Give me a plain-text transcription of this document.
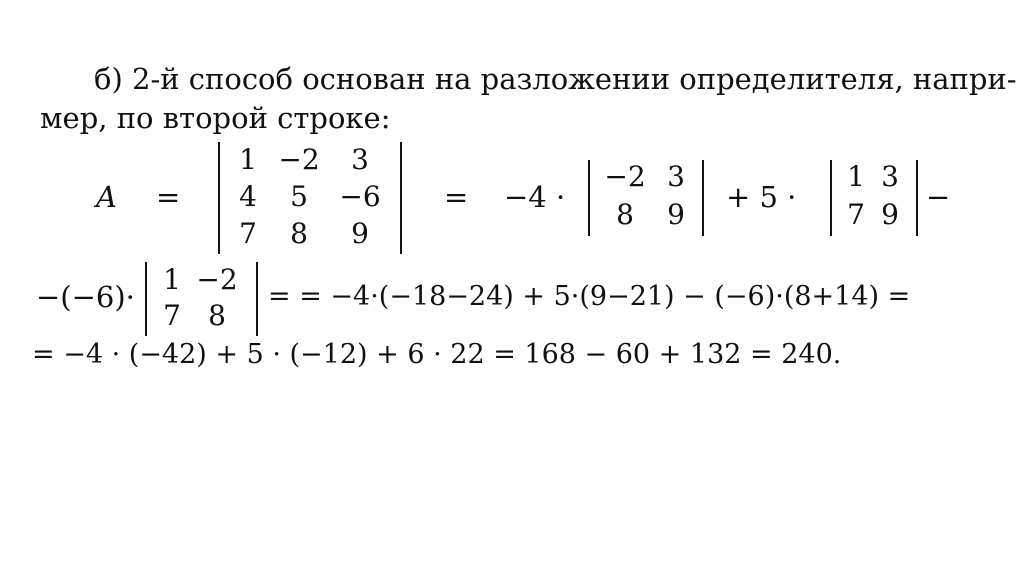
б) 2-й способ основан на разложении определителя, напри-
мер, по второй строке:
A =
1 −2	3
4	5	−6
7	8	9
= −4 ·
−2 3
8	9
+ 5 ·
1 3
7 9
−
−(−6)·
1 −2
7 8
= = −4·(−18−24) + 5·(9−21) − (−6)·(8+14) =
= −4 · (−42) + 5 · (−12) + 6 · 22 = 168 − 60 + 132 = 240.
